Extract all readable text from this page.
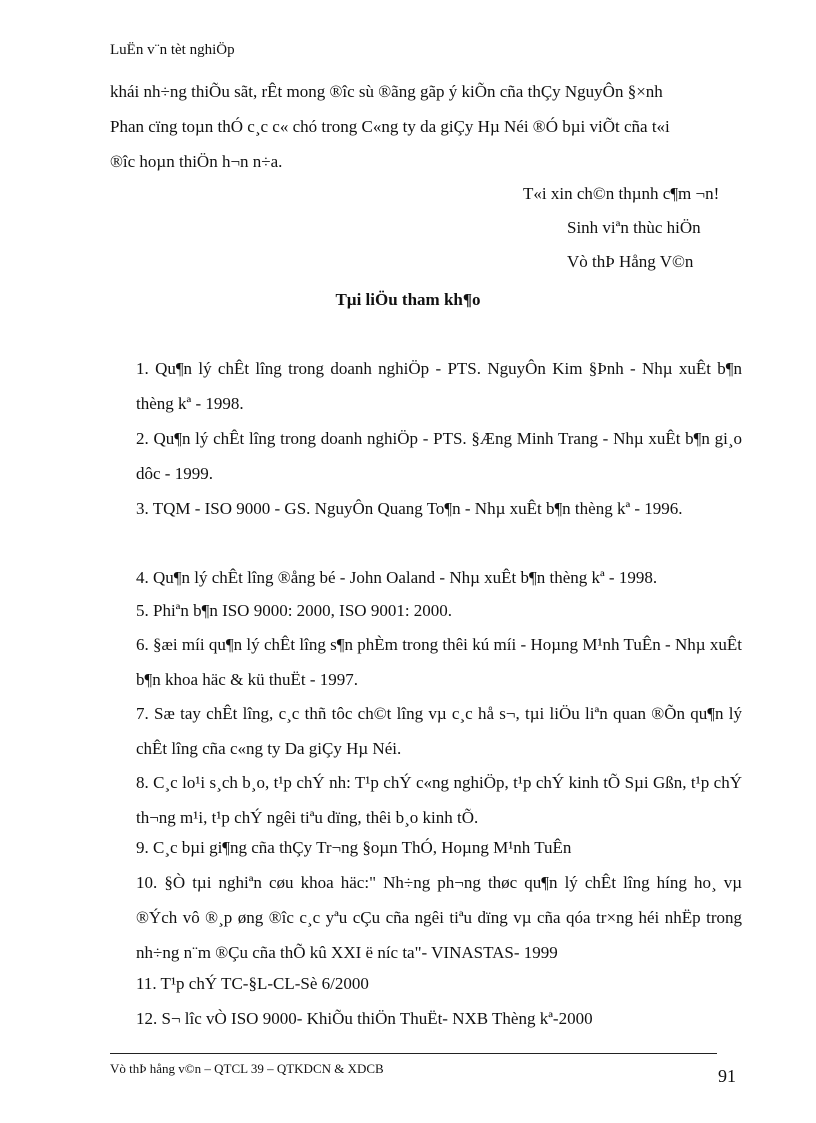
LuËn v¨n tèt nghiÖp
khái nh÷ng thiÕu sãt, rÊt mong ®îc sù ®ãng gãp ý kiÕn cña thÇy NguyÔn §×nh
Phan cïng toµn thÓ c¸c c« chó trong C«ng ty da giÇy Hµ Néi ®Ó bµi viÕt cña t«i
®îc hoµn thiÖn h¬n n÷a.
T«i xin ch©n thµnh c¶m ¬n!
Sinh viªn thùc hiÖn
Vò thÞ Hång V©n
Tµi liÖu tham kh¶o
1. Qu¶n lý chÊt lîng trong doanh nghiÖp - PTS. NguyÔn Kim §Þnh - Nhµ xuÊt b¶n thèng kª - 1998.
2. Qu¶n lý chÊt lîng trong doanh nghiÖp - PTS. §Æng Minh Trang - Nhµ xuÊt b¶n gi¸o dôc - 1999.
3. TQM - ISO 9000 - GS. NguyÔn Quang To¶n - Nhµ xuÊt b¶n thèng kª - 1996.
4. Qu¶n lý chÊt lîng ®ång bé - John Oaland - Nhµ xuÊt b¶n thèng kª - 1998.
5. Phiªn b¶n ISO 9000: 2000, ISO 9001: 2000.
6. §æi míi qu¶n lý chÊt lîng s¶n phÈm trong thêi kú míi - Hoµng M¹nh TuÊn - Nhµ xuÊt b¶n khoa häc & kü thuËt - 1997.
7. Sæ tay chÊt lîng, c¸c thñ tôc ch©t lîng vµ c¸c hå s¬, tµi liÖu liªn quan ®Õn qu¶n lý chÊt lîng cña c«ng ty Da giÇy Hµ Néi.
8. C¸c lo¹i s¸ch b¸o, t¹p chÝ nh: T¹p chÝ c«ng nghiÖp, t¹p chÝ kinh tÕ Sµi Gßn, t¹p chÝ th¬ng m¹i, t¹p chÝ ngêi tiªu dïng, thêi b¸o kinh tÕ.
9. C¸c bµi gi¶ng cña thÇy Tr¬ng §oµn ThÓ, Hoµng M¹nh TuÊn
10. §Ò tµi nghiªn cøu khoa häc:" Nh÷ng ph¬ng thøc qu¶n lý chÊt lîng híng ho¸ vµ ®Ých vô ®¸p øng ®îc c¸c yªu cÇu cña ngêi tiªu dïng vµ cña qóa tr×ng héi nhËp trong nh÷ng n¨m ®Çu cña thÕ kû XXI ë níc ta"- VINASTAS- 1999
11. T¹p chÝ TC-§L-CL-Sè 6/2000
12. S¬ lîc vÒ ISO 9000- KhiÕu thiÖn ThuËt- NXB Thèng kª-2000
Vò thÞ hång v©n – QTCL 39 – QTKDCN & XDCB	91
